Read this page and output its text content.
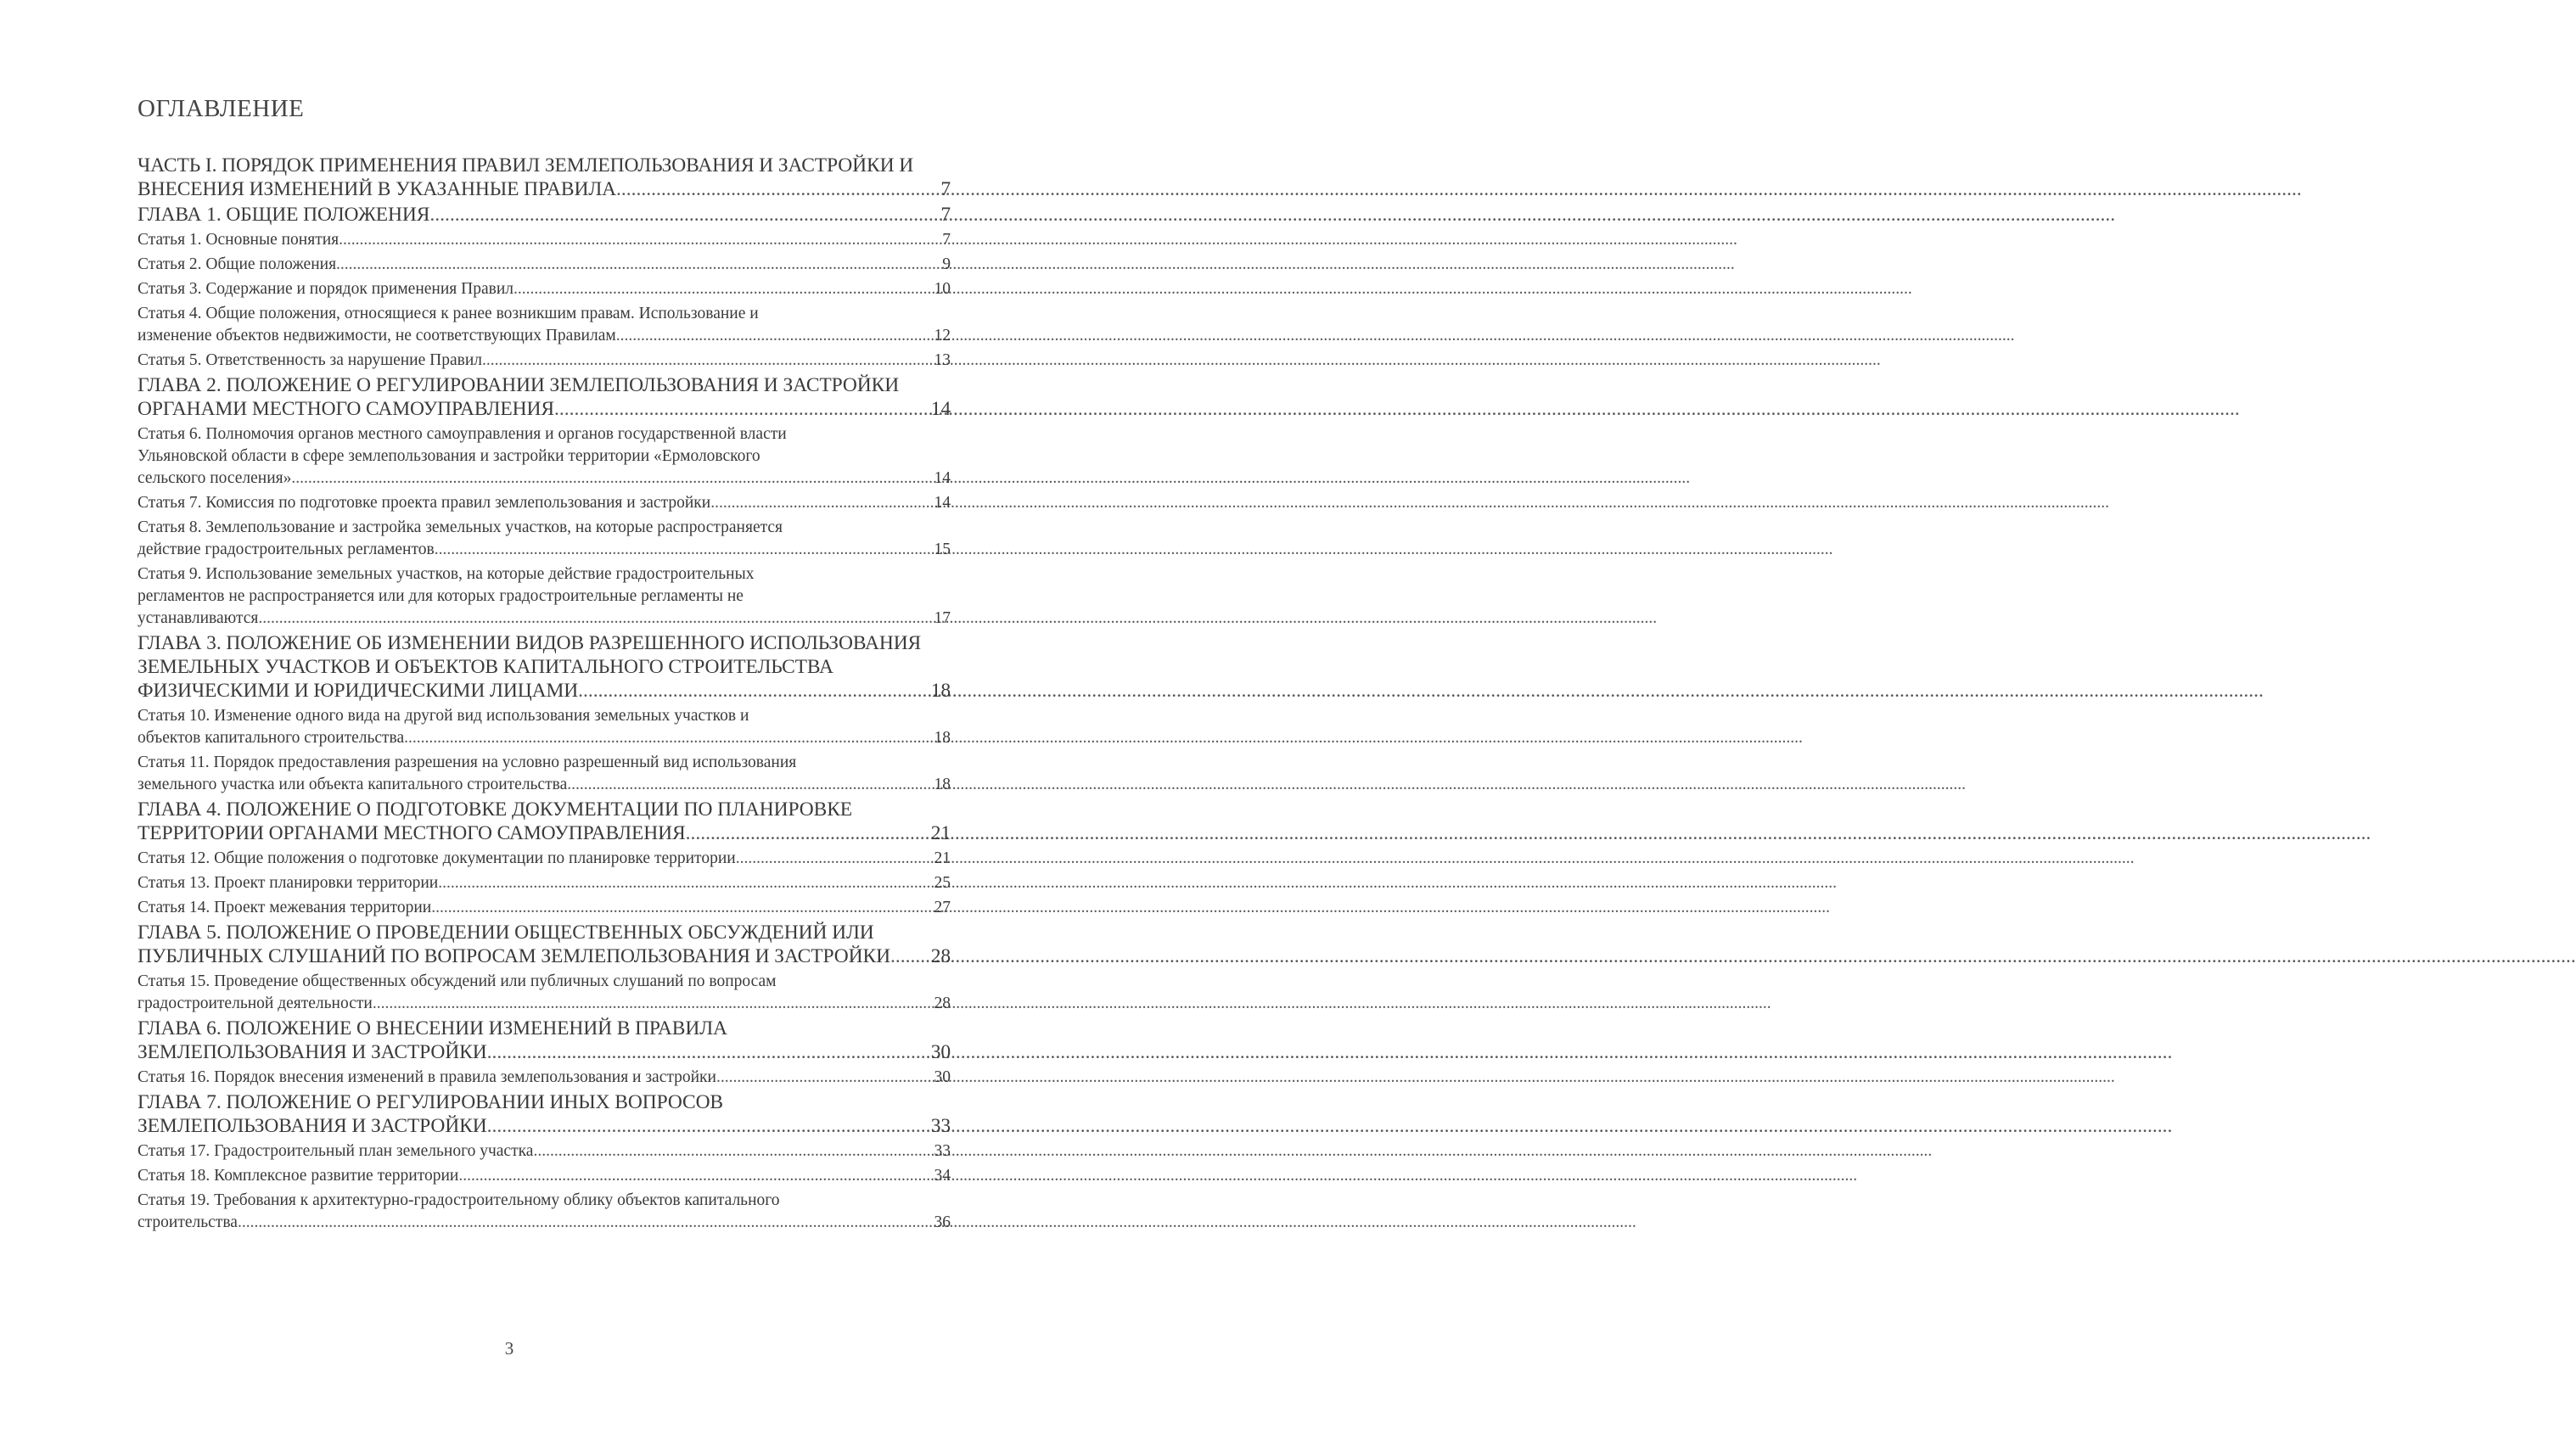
ОГЛАВЛЕНИЕ
ЧАСТЬ I. ПОРЯДОК ПРИМЕНЕНИЯ ПРАВИЛ ЗЕМЛЕПОЛЬЗОВАНИЯ И ЗАСТРОЙКИ И
ВНЕСЕНИЯ ИЗМЕНЕНИЙ В УКАЗАННЫЕ ПРАВИЛА .....	7
ГЛАВА 1. ОБЩИЕ ПОЛОЖЕНИЯ .....	7
Статья 1. Основные понятия .....	7
Статья 2. Общие положения .....	9
Статья 3. Содержание и порядок применения Правил .....	10
Статья 4. Общие положения, относящиеся к ранее возникшим правам. Использование и
изменение объектов недвижимости, не соответствующих Правилам .....	12
Статья 5. Ответственность за нарушение Правил .....	13
ГЛАВА 2. ПОЛОЖЕНИЕ О РЕГУЛИРОВАНИИ ЗЕМЛЕПОЛЬЗОВАНИЯ И ЗАСТРОЙКИ
ОРГАНАМИ МЕСТНОГО САМОУПРАВЛЕНИЯ .....	14
Статья 6. Полномочия органов местного самоуправления и органов государственной власти
Ульяновской области в сфере землепользования и застройки территории «Ермоловского
сельского поселения» .....	14
Статья 7. Комиссия по подготовке проекта правил землепользования и застройки .....	14
Статья 8. Землепользование и застройка земельных участков, на которые распространяется
действие градостроительных регламентов .....	15
Статья 9. Использование земельных участков, на которые действие градостроительных
регламентов не распространяется или для которых градостроительные регламенты не
устанавливаются .....	17
ГЛАВА 3. ПОЛОЖЕНИЕ ОБ ИЗМЕНЕНИИ ВИДОВ РАЗРЕШЕННОГО ИСПОЛЬЗОВАНИЯ
ЗЕМЕЛЬНЫХ УЧАСТКОВ И ОБЪЕКТОВ КАПИТАЛЬНОГО СТРОИТЕЛЬСТВА
ФИЗИЧЕСКИМИ И ЮРИДИЧЕСКИМИ ЛИЦАМИ .....	18
Статья 10. Изменение одного вида на другой вид использования земельных участков и
объектов капитального строительства .....	18
Статья 11. Порядок предоставления разрешения на условно разрешенный вид использования
земельного участка или объекта капитального строительства .....	18
ГЛАВА 4. ПОЛОЖЕНИЕ О ПОДГОТОВКЕ ДОКУМЕНТАЦИИ ПО ПЛАНИРОВКЕ
ТЕРРИТОРИИ ОРГАНАМИ МЕСТНОГО САМОУПРАВЛЕНИЯ .....	21
Статья 12. Общие положения о подготовке документации по планировке территории .....	21
Статья 13. Проект планировки территории .....	25
Статья 14. Проект межевания территории .....	27
ГЛАВА 5. ПОЛОЖЕНИЕ О ПРОВЕДЕНИИ ОБЩЕСТВЕННЫХ ОБСУЖДЕНИЙ ИЛИ
ПУБЛИЧНЫХ СЛУШАНИЙ ПО ВОПРОСАМ ЗЕМЛЕПОЛЬЗОВАНИЯ И ЗАСТРОЙКИ ..... 28
Статья 15. Проведение общественных обсуждений или публичных слушаний по вопросам
градостроительной деятельности .....	28
ГЛАВА 6. ПОЛОЖЕНИЕ О ВНЕСЕНИИ ИЗМЕНЕНИЙ В ПРАВИЛА
ЗЕМЛЕПОЛЬЗОВАНИЯ И ЗАСТРОЙКИ .....	30
Статья 16. Порядок внесения изменений в правила землепользования и застройки .....	30
ГЛАВА 7. ПОЛОЖЕНИЕ О РЕГУЛИРОВАНИИ ИНЫХ ВОПРОСОВ
ЗЕМЛЕПОЛЬЗОВАНИЯ И ЗАСТРОЙКИ .....	33
Статья 17. Градостроительный план земельного участка .....	33
Статья 18. Комплексное развитие территории .....	34
Статья 19. Требования к архитектурно-градостроительному облику объектов капитального
строительства .....	36
3
